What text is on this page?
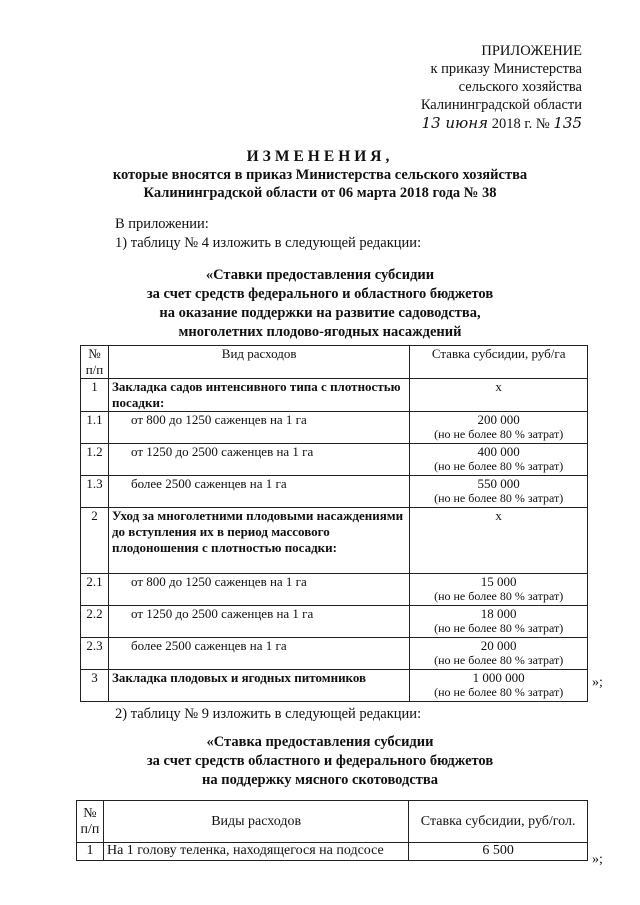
ПРИЛОЖЕНИЕ
к приказу Министерства
сельского хозяйства
Калининградской области
13 июня 2018 г. № 135
ИЗМЕНЕНИЯ,
которые вносятся в приказ Министерства сельского хозяйства
Калининградской области от 06 марта 2018 года № 38
В приложении:
1) таблицу № 4 изложить в следующей редакции:
«Ставки предоставления субсидии
за счет средств федерального и областного бюджетов
на оказание поддержки на развитие садоводства,
многолетних плодово-ягодных насаждений
№ п/п	Вид расходов	Ставка субсидии, руб/га
1	Закладка садов интенсивного типа с плотностью посадки:	х

1.1	от 800 до 1250 саженцев на 1 га	200 000
(но не более 80 % затрат)

1.2	от 1250 до 2500 саженцев на 1 га	400 000
(но не более 80 % затрат)

1.3	более 2500 саженцев на 1 га	550 000
(но не более 80 % затрат)

2	Уход за многолетними плодовыми насаждениями до вступления их в период массового плодоношения с плотностью посадки:	х

2.1	от 800 до 1250 саженцев на 1 га	15 000
(но не более 80 % затрат)

2.2	от 1250 до 2500 саженцев на 1 га	18 000
(но не более 80 % затрат)

2.3	более 2500 саженцев на 1 га	20 000
(но не более 80 % затрат)

3	Закладка плодовых и ягодных питомников	1 000 000
(но не более 80 % затрат)
»;
2) таблицу № 9 изложить в следующей редакции:
«Ставка предоставления субсидии
за счет средств областного и федерального бюджетов
на поддержку мясного скотоводства
№ п/п	Виды расходов	Ставка субсидии, руб/гол.
1	На 1 голову теленка, находящегося на подсосе	6 500
»;
